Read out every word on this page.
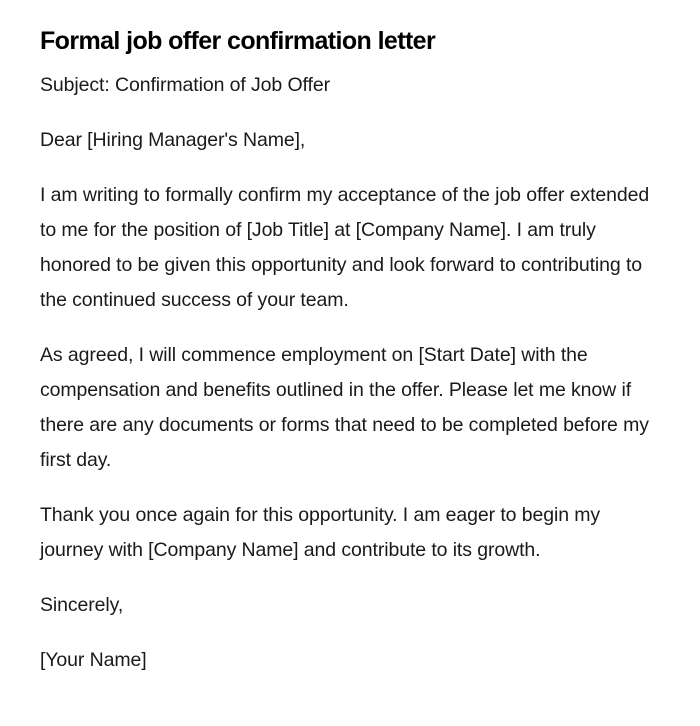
Formal job offer confirmation letter

Subject: Confirmation of Job Offer

Dear [Hiring Manager's Name],

I am writing to formally confirm my acceptance of the job offer extended to me for the position of [Job Title] at [Company Name]. I am truly honored to be given this opportunity and look forward to contributing to the continued success of your team.

As agreed, I will commence employment on [Start Date] with the compensation and benefits outlined in the offer. Please let me know if there are any documents or forms that need to be completed before my first day.

Thank you once again for this opportunity. I am eager to begin my journey with [Company Name] and contribute to its growth.

Sincerely,

[Your Name]
